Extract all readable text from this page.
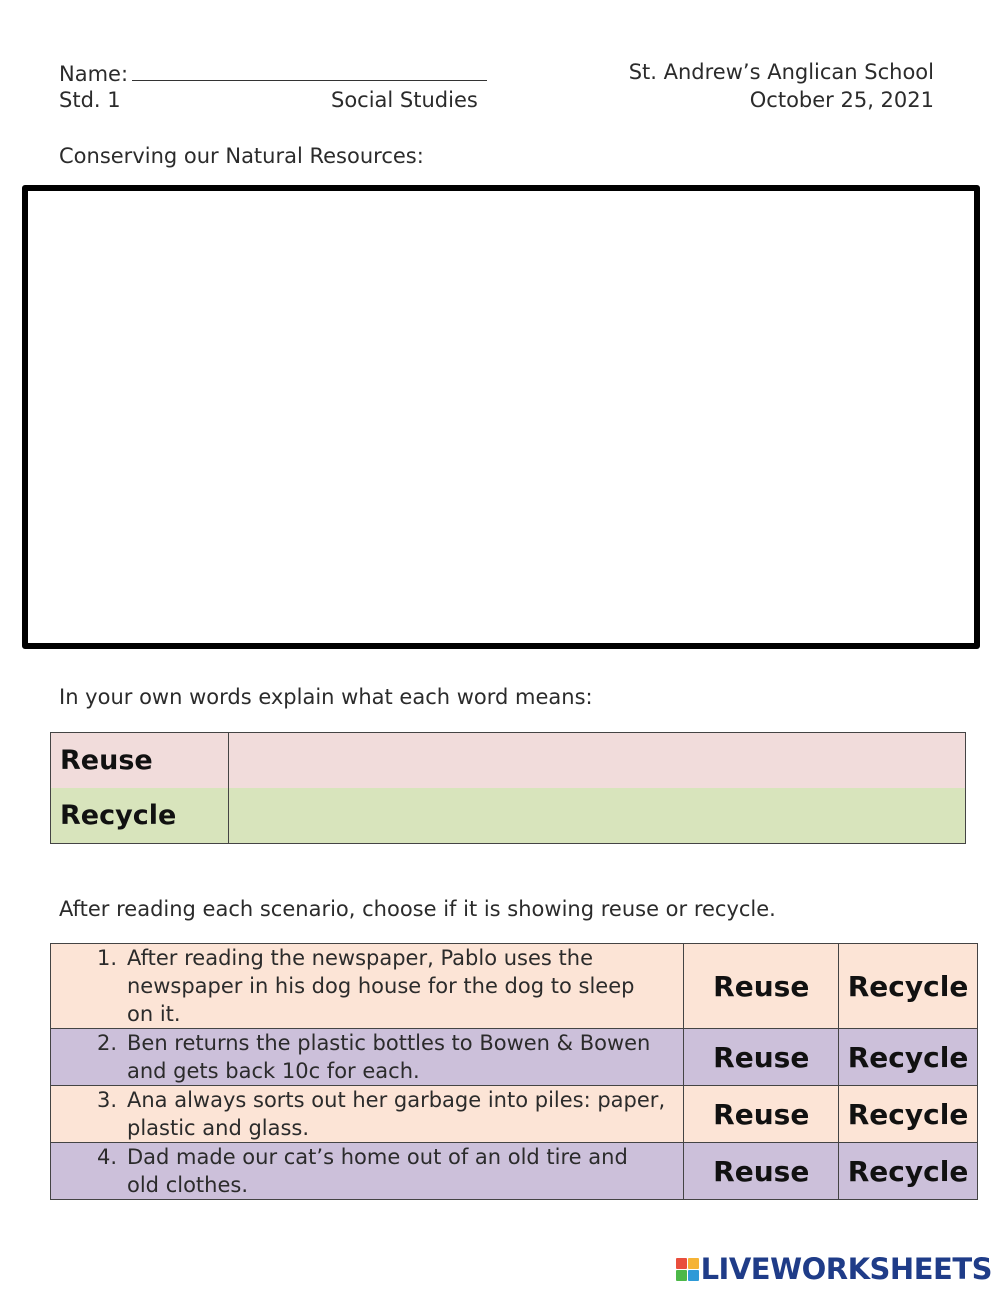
Name:	St. Andrew’s Anglican School
Std. 1	Social Studies	October 25, 2021
Conserving our Natural Resources:
In your own words explain what each word means:
Reuse	
Recycle	
After reading each scenario, choose if it is showing reuse or recycle.
1. After reading the newspaper, Pablo uses the newspaper in his dog house for the dog to sleep on it.	Reuse	Recycle

2. Ben returns the plastic bottles to Bowen & Bowen and gets back 10c for each.	Reuse	Recycle

3. Ana always sorts out her garbage into piles: paper, plastic and glass.	Reuse	Recycle

4. Dad made our cat’s home out of an old tire and old clothes.	Reuse	Recycle
LIVEWORKSHEETS
